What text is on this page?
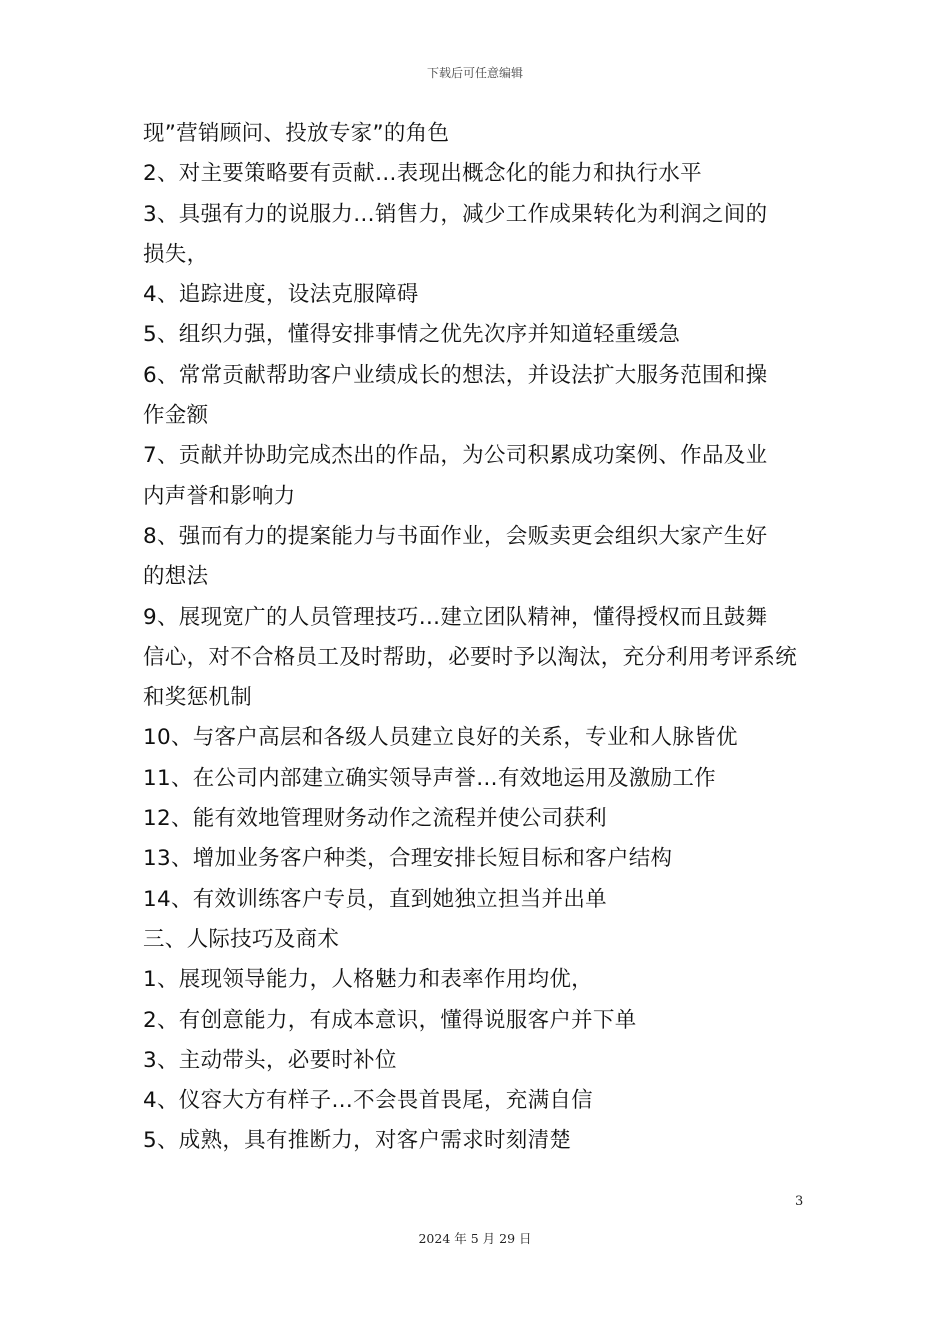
下载后可任意编辑
现”营销顾问、投放专家”的角色
2、对主要策略要有贡献…表现出概念化的能力和执行水平
3、具强有力的说服力…销售力，减少工作成果转化为利润之间的
损失，
4、追踪进度，设法克服障碍
5、组织力强，懂得安排事情之优先次序并知道轻重缓急
6、常常贡献帮助客户业绩成长的想法，并设法扩大服务范围和操
作金额
7、贡献并协助完成杰出的作品，为公司积累成功案例、作品及业
内声誉和影响力
8、强而有力的提案能力与书面作业，会贩卖更会组织大家产生好
的想法
9、展现宽广的人员管理技巧…建立团队精神，懂得授权而且鼓舞
信心，对不合格员工及时帮助，必要时予以淘汰，充分利用考评系统
和奖惩机制
10、与客户高层和各级人员建立良好的关系，专业和人脉皆优
11、在公司内部建立确实领导声誉…有效地运用及激励工作
12、能有效地管理财务动作之流程并使公司获利
13、增加业务客户种类，合理安排长短目标和客户结构
14、有效训练客户专员，直到她独立担当并出单
三、人际技巧及商术
1、展现领导能力，人格魅力和表率作用均优，
2、有创意能力，有成本意识，懂得说服客户并下单
3、主动带头，必要时补位
4、仪容大方有样子…不会畏首畏尾，充满自信
5、成熟，具有推断力，对客户需求时刻清楚
3
2024 年 5 月 29 日
